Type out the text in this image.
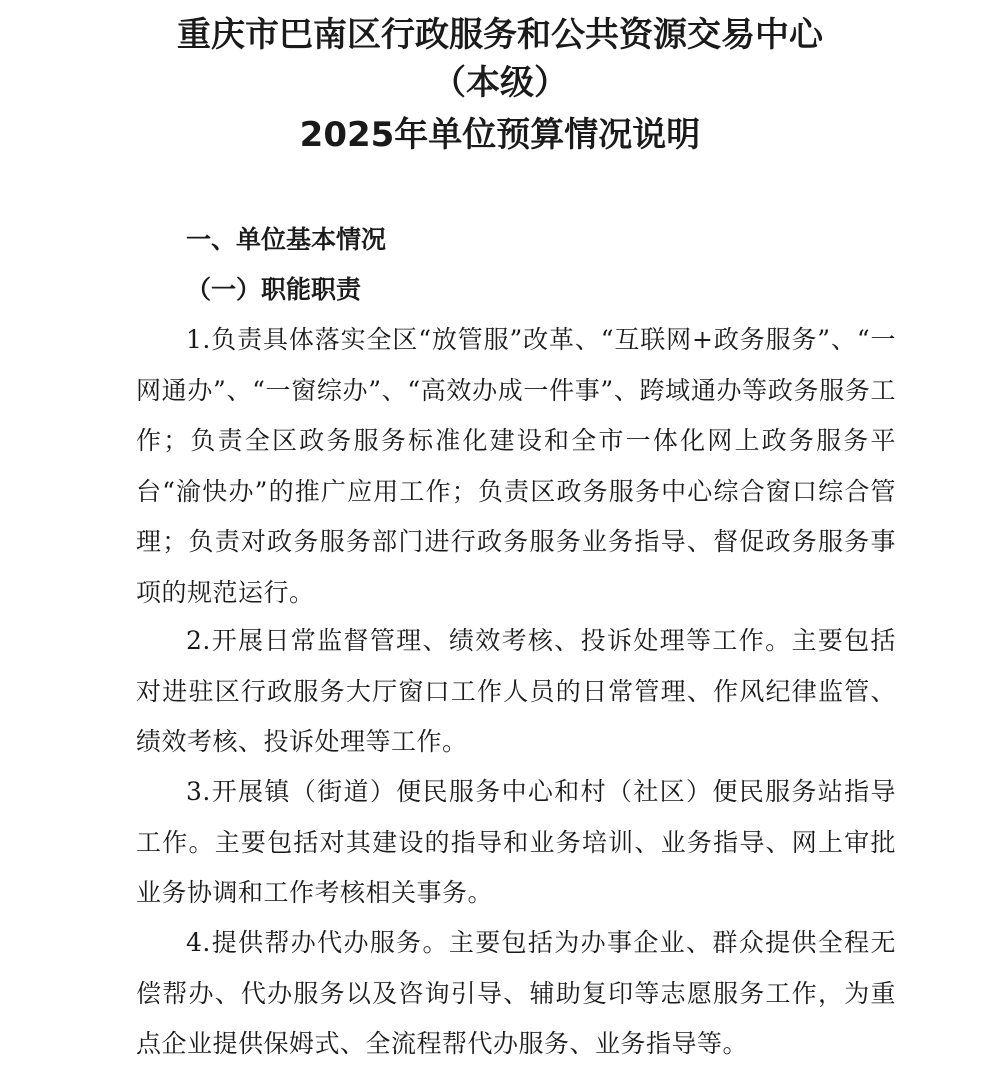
重庆市巴南区行政服务和公共资源交易中心
（本级）
2025年单位预算情况说明
一、单位基本情况
（一）职能职责

1.负责具体落实全区“放管服”改革、“互联网+政务服务”、“一网通办”、“一窗综办”、“高效办成一件事”、跨域通办等政务服务工作；负责全区政务服务标准化建设和全市一体化网上政务服务平台“渝快办”的推广应用工作；负责区政务服务中心综合窗口综合管理；负责对政务服务部门进行政务服务业务指导、督促政务服务事项的规范运行。

2.开展日常监督管理、绩效考核、投诉处理等工作。主要包括对进驻区行政服务大厅窗口工作人员的日常管理、作风纪律监管、绩效考核、投诉处理等工作。

3.开展镇（街道）便民服务中心和村（社区）便民服务站指导工作。主要包括对其建设的指导和业务培训、业务指导、网上审批业务协调和工作考核相关事务。

4.提供帮办代办服务。主要包括为办事企业、群众提供全程无偿帮办、代办服务以及咨询引导、辅助复印等志愿服务工作，为重点企业提供保姆式、全流程帮代办服务、业务指导等。
